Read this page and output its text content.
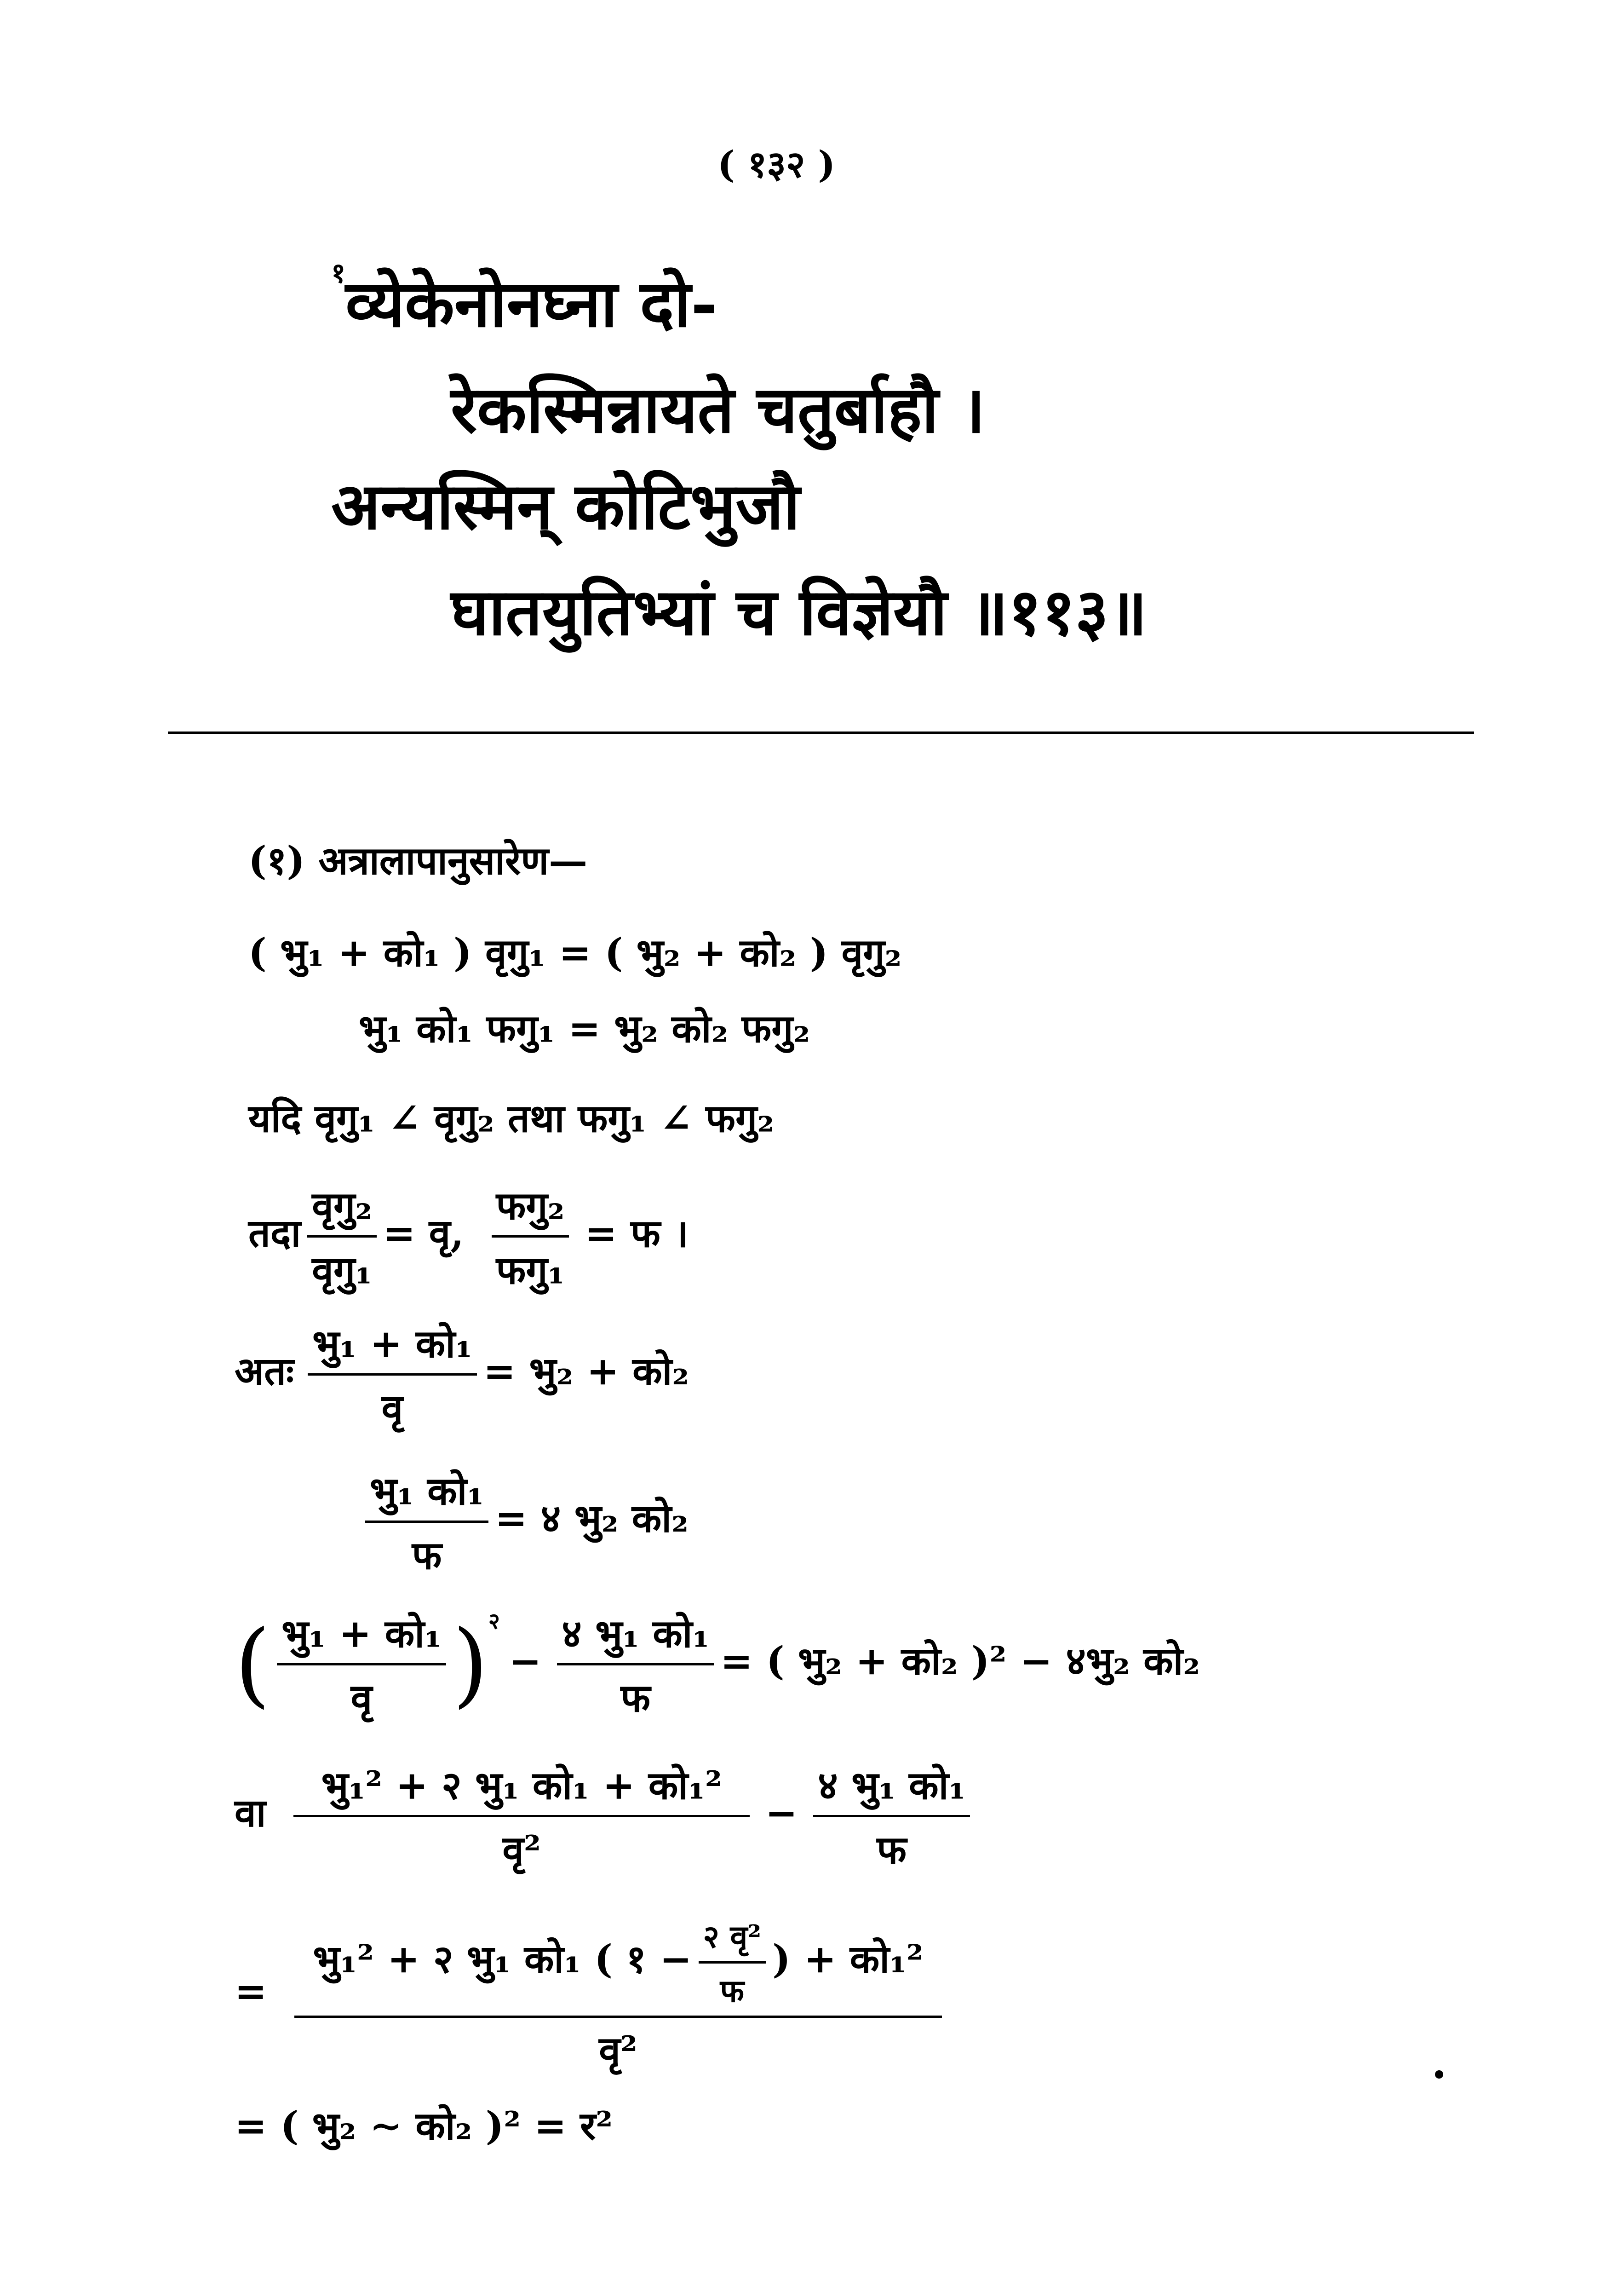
( १३२ )
$^१$व्येकेनोनघ्ना दो-
रेकस्मिन्नायते चतुर्बाहौ ।
अन्यस्मिन् कोटिभुजौ
घातयुतिभ्यां च विज्ञेयौ ॥११३॥
(१) अत्रालापानुसारेण—
( भु₁ + को₁ ) वृगु₁ = ( भु₂ + को₂ ) वृगु₂
भु₁ को₁ फगु₁ = भु₂ को₂ फगु₂
यदि वृगु₁ ∠ वृगु₂ तथा फगु₁ ∠ फगु₂
तदा $\frac{\text{वृगु₂}}{\text{वृगु₁}}$ = वृ, $\frac{\text{फगु₂}}{\text{फगु₁}}$ = फ ।
अतः $\frac{\text{भु₁ + को₁}}{\text{वृ}}$ = भु₂ + को₂
$\frac{\text{भु₁ को₁}}{\text{फ}}$ = ४ भु₂ को₂
( $\frac{\text{भु₁ + को₁}}{\text{वृ}} )^२- \frac{\text{४ भु₁ को₁}}{\text{फ}}$ = ( भु₂ + को₂ )² − ४भु₂ को₂
वा $\frac{\text{भु₁² + २ भु₁ को₁ + को₁²}}{\text{वृ²}} - \frac{\text{४ भु₁ को₁}}{\text{फ}}$
= $\frac{भु_1^2 + २ भु_1 को_1 ( १ - \frac{\text{२ वृ²}}{\text{फ}} ) + को_1^2}{\text{वृ²}}$
= ( भु₂ ∼ को₂ )² = र²
